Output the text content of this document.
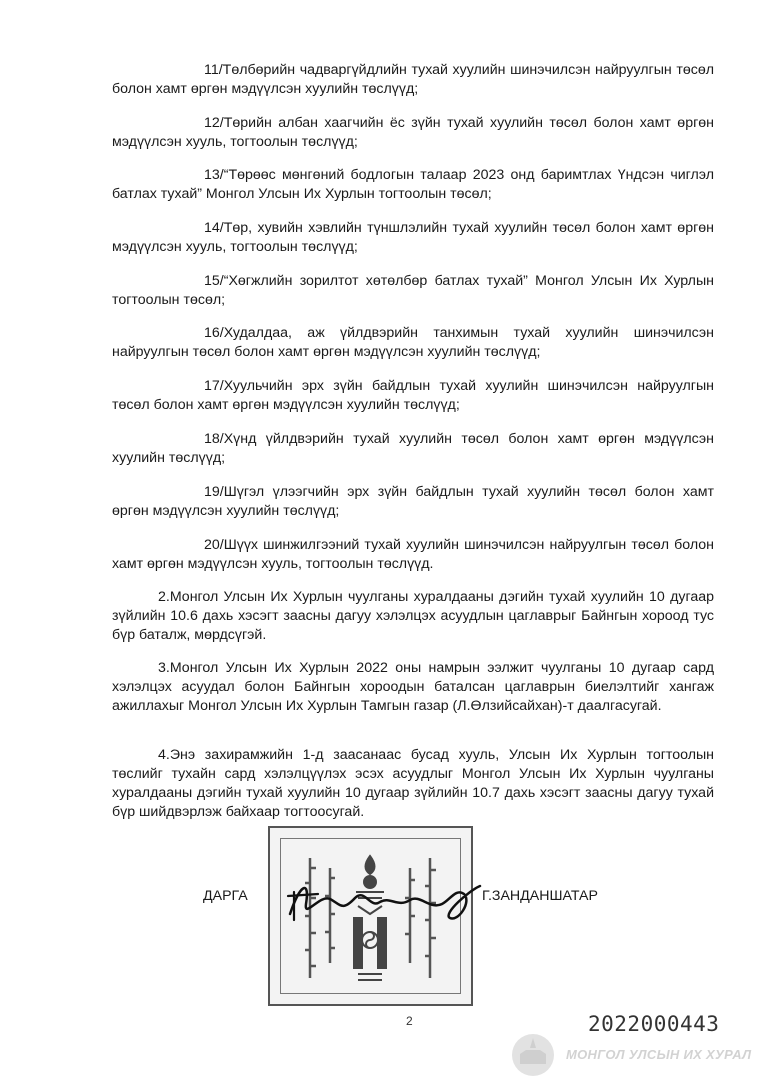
11/Төлбөрийн чадваргүйдлийн тухай хуулийн шинэчилсэн найруулгын төсөл болон хамт өргөн мэдүүлсэн хуулийн төслүүд;

12/Төрийн албан хаагчийн ёс зүйн тухай хуулийн төсөл болон хамт өргөн мэдүүлсэн хууль, тогтоолын төслүүд;

13/“Төрөөс мөнгөний бодлогын талаар 2023 онд баримтлах Үндсэн чиглэл батлах тухай” Монгол Улсын Их Хурлын тогтоолын төсөл;

14/Төр, хувийн хэвлийн түншлэлийн тухай хуулийн төсөл болон хамт өргөн мэдүүлсэн хууль, тогтоолын төслүүд;

15/“Хөгжлийн зорилтот хөтөлбөр батлах тухай” Монгол Улсын Их Хурлын тогтоолын төсөл;

16/Худалдаа, аж үйлдвэрийн танхимын тухай хуулийн шинэчилсэн найруулгын төсөл болон хамт өргөн мэдүүлсэн хуулийн төслүүд;

17/Хуульчийн эрх зүйн байдлын тухай хуулийн шинэчилсэн найруулгын төсөл болон хамт өргөн мэдүүлсэн хуулийн төслүүд;

18/Хүнд үйлдвэрийн тухай хуулийн төсөл болон хамт өргөн мэдүүлсэн хуулийн төслүүд;

19/Шүгэл үлээгчийн эрх зүйн байдлын тухай хуулийн төсөл болон хамт өргөн мэдүүлсэн хуулийн төслүүд;

20/Шүүх шинжилгээний тухай хуулийн шинэчилсэн найруулгын төсөл болон хамт өргөн мэдүүлсэн хууль, тогтоолын төслүүд.

2.Монгол Улсын Их Хурлын чуулганы хуралдааны дэгийн тухай хуулийн 10 дугаар зүйлийн 10.6 дахь хэсэгт заасны дагуу хэлэлцэх асуудлын цаглаврыг Байнгын хороод тус бүр баталж, мөрдсүгэй.

3.Монгол Улсын Их Хурлын 2022 оны намрын ээлжит чуулганы 10 дугаар сард хэлэлцэх асуудал болон Байнгын хороодын баталсан цаглаврын биелэлтийг хангаж ажиллахыг Монгол Улсын Их Хурлын Тамгын газар (Л.Өлзийсайхан)-т даалгасугай.

4.Энэ захирамжийн 1-д заасанаас бусад хууль, Улсын Их Хурлын тогтоолын төслийг тухайн сард хэлэлцүүлэх эсэх асуудлыг Монгол Улсын Их Хурлын чуулганы хуралдааны дэгийн тухай хуулийн 10 дугаар зүйлийн 10.7 дахь хэсэгт заасны дагуу тухай бүр шийдвэрлэж байхаар тогтоосугай.

ДАРГА	Г.ЗАНДАНШАТАР
2	2022000443
МОНГОЛ УЛСЫН ИХ ХУРАЛ
